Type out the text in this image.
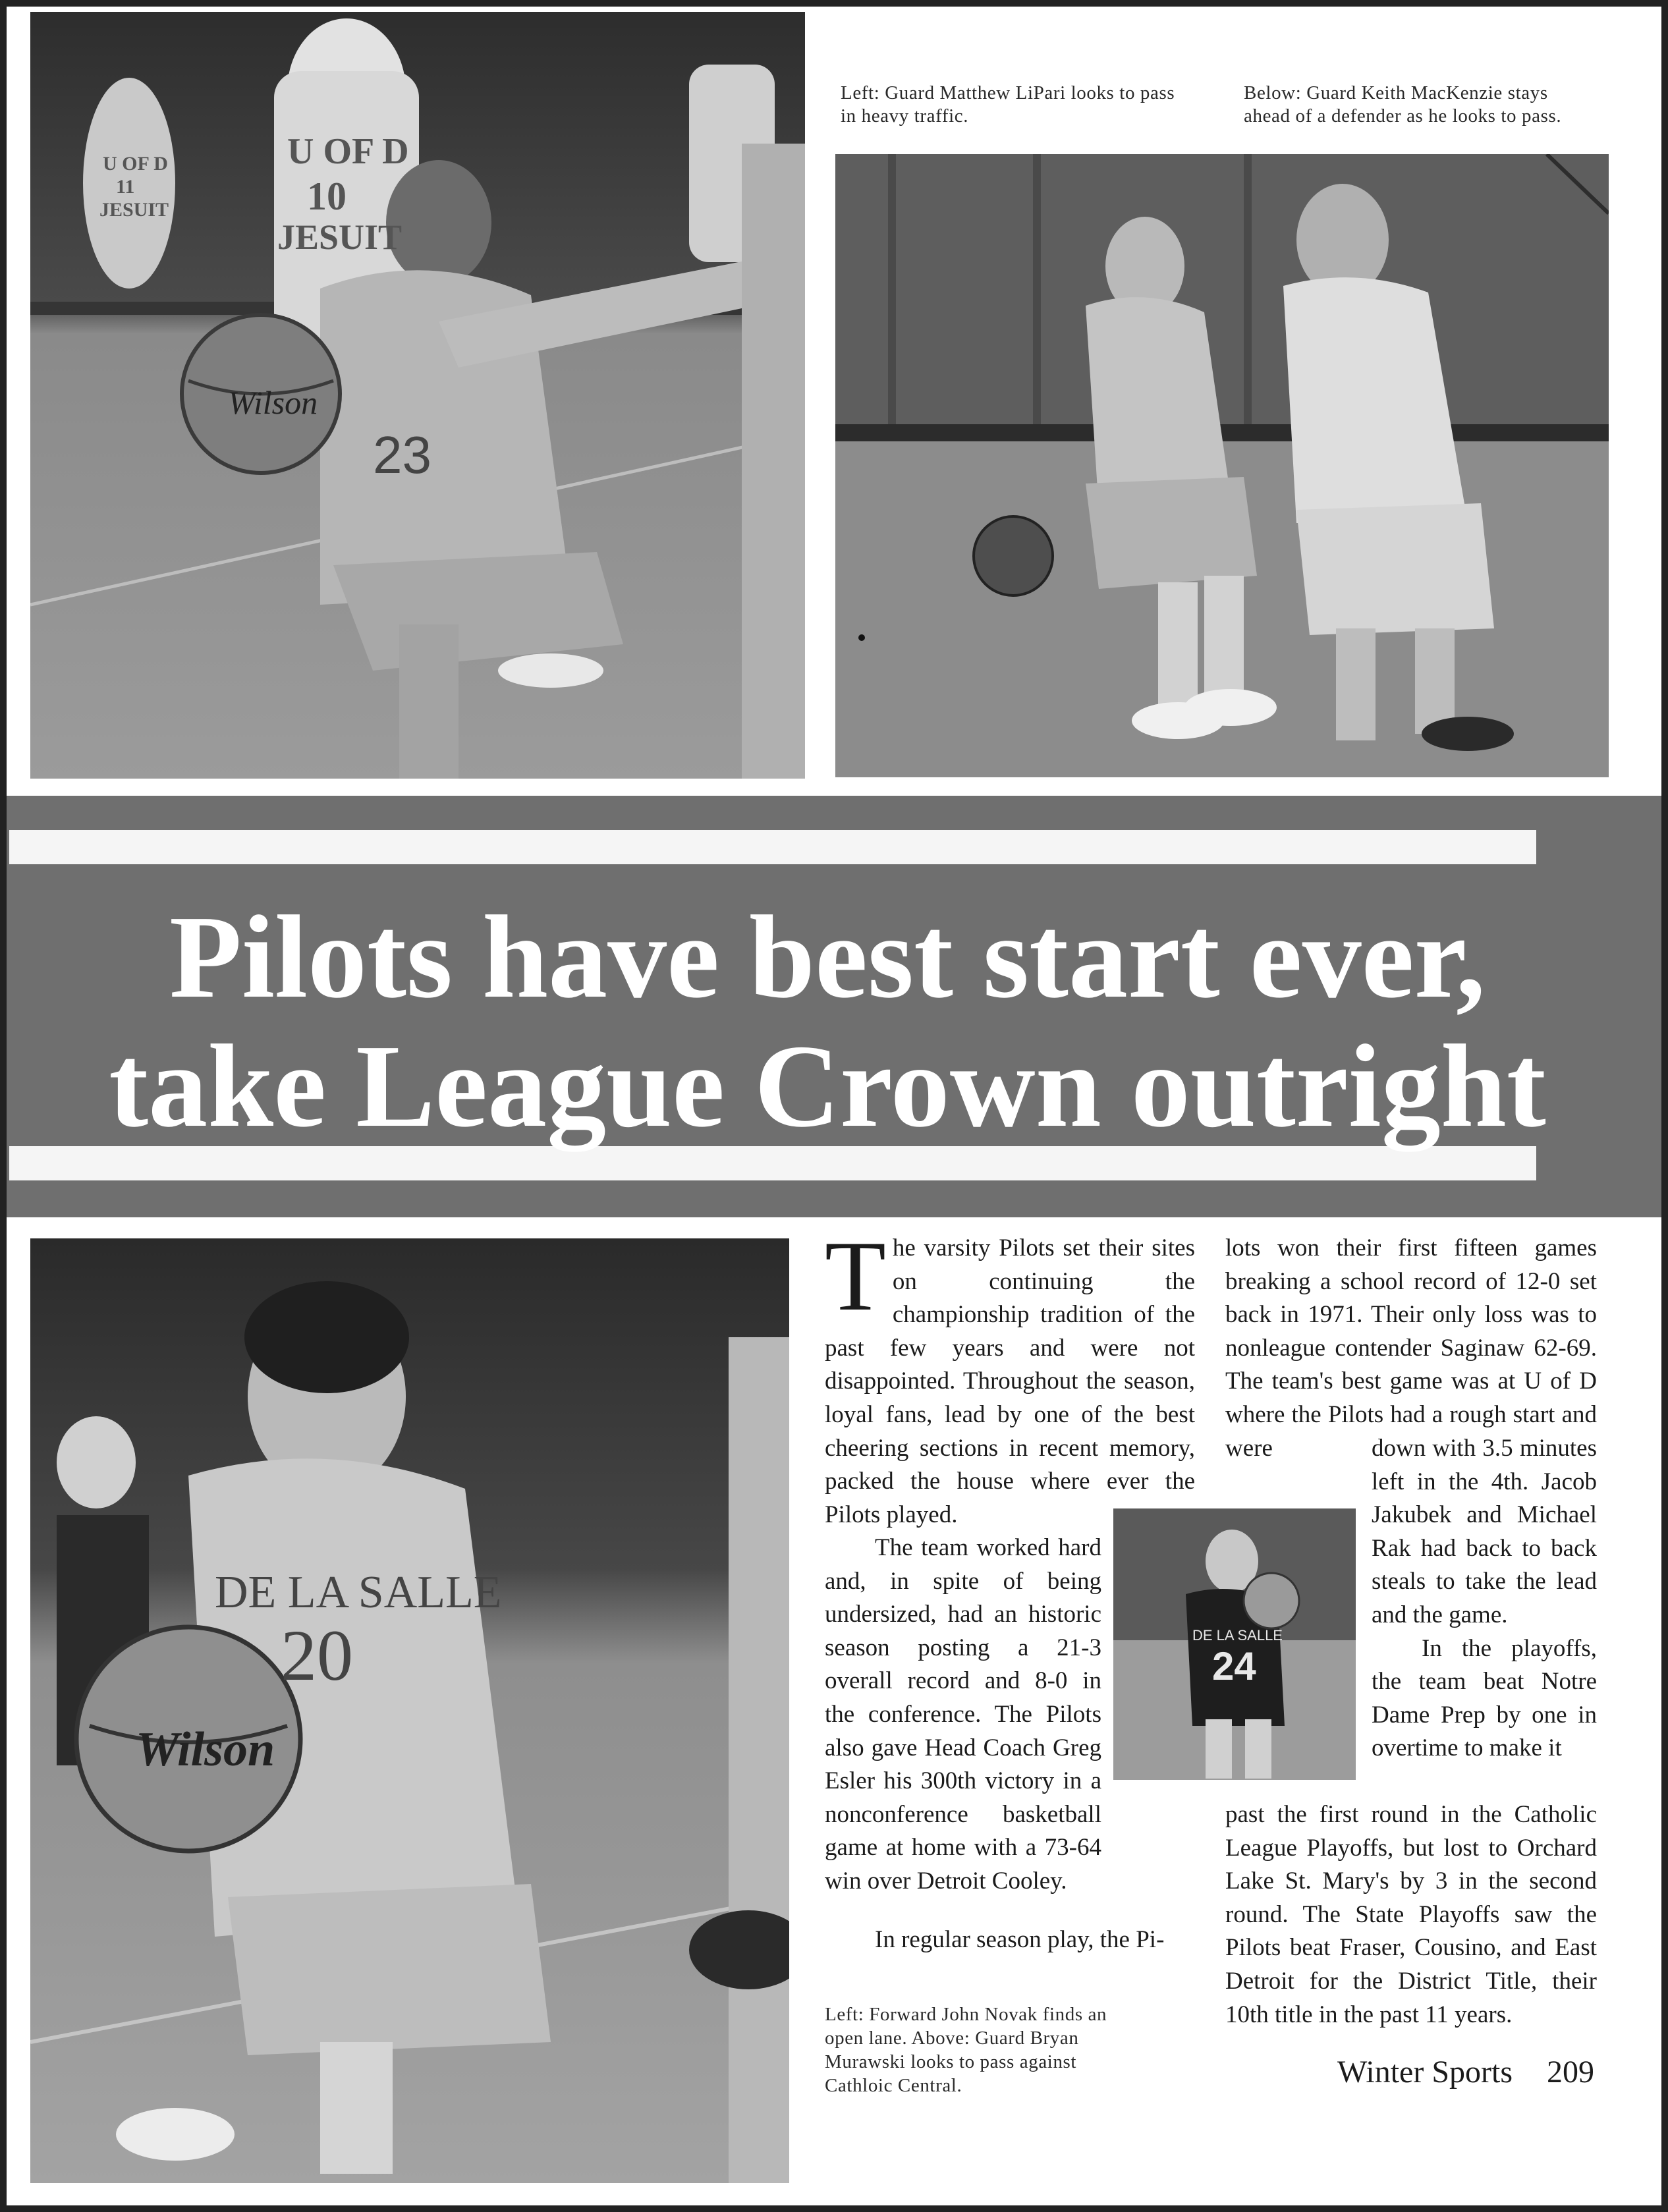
Wilson
23
U OF D
10
JESUIT
U OF D
11
JESUIT
Left: Guard Matthew LiPari looks to pass
in heavy traffic.
Below: Guard Keith MacKenzie stays
ahead of a defender as he looks to pass.
Pilots have best start ever,
take League Crown outright
Wilson
DE LA SALLE
20	DE LA SALLE
24

The varsity Pilots set their sites on continuing the championship tradition of the past few years and were not disappointed. Throughout the season, loyal fans, lead by one of the best cheering sections in recent memory, packed the house where ever the Pilots played.

The team worked hard and, in spite of being undersized, had an historic season posting a 21-3 overall record and 8-0 in the conference. The Pilots also gave Head Coach Greg Esler his 300th victory in a nonconference basketball game at home with a 73-64 win over Detroit Cooley.

In regular season play, the Pi-

Left: Forward John Novak finds an
open lane. Above: Guard Bryan
Murawski looks to pass against
Cathloic Central.

lots won their first fifteen games breaking a school record of 12-0 set back in 1971. Their only loss was to nonleague contender Saginaw 62-69. The team's best game was at U of D where the Pilots had a rough start and were	down with 3.5 minutes left in the 4th. Jacob Jakubek and Michael Rak had back to back steals to take the lead and the game.

In the playoffs, the team beat Notre Dame Prep by one in overtime to make it

past the first round in the Catholic League Playoffs, but lost to Orchard Lake St. Mary's by 3 in the second round. The State Playoffs saw the Pilots beat Fraser, Cousino, and East Detroit for the District Title, their 10th title in the past 11 years.

Winter Sports 209
